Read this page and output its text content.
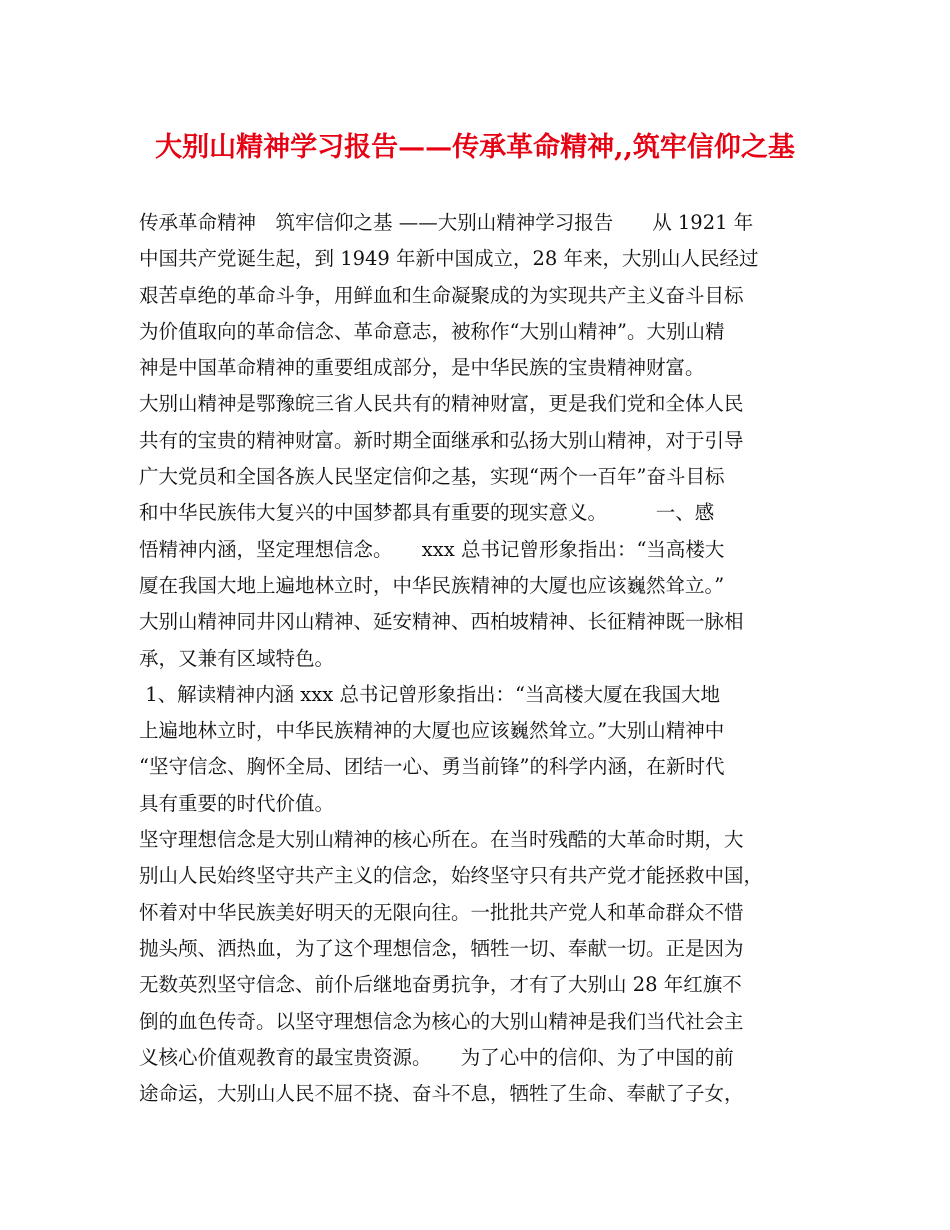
大别山精神学习报告——传承革命精神,,筑牢信仰之基
传承革命精神　筑牢信仰之基 ——大别山精神学习报告　　从 1921 年
中国共产党诞生起，到 1949 年新中国成立，28 年来，大别山人民经过
艰苦卓绝的革命斗争，用鲜血和生命凝聚成的为实现共产主义奋斗目标
为价值取向的革命信念、革命意志，被称作“大别山精神”。大别山精
神是中国革命精神的重要组成部分，是中华民族的宝贵精神财富。
大别山精神是鄂豫皖三省人民共有的精神财富，更是我们党和全体人民
共有的宝贵的精神财富。新时期全面继承和弘扬大别山精神，对于引导
广大党员和全国各族人民坚定信仰之基，实现“两个一百年”奋斗目标
和中华民族伟大复兴的中国梦都具有重要的现实意义。　　　一、感
悟精神内涵，坚定理想信念。　　xxx 总书记曾形象指出：“当高楼大
厦在我国大地上遍地林立时，中华民族精神的大厦也应该巍然耸立。”
大别山精神同井冈山精神、延安精神、西柏坡精神、长征精神既一脉相
承，又兼有区域特色。
1、解读精神内涵 xxx 总书记曾形象指出：“当高楼大厦在我国大地
上遍地林立时，中华民族精神的大厦也应该巍然耸立。”大别山精神中
“坚守信念、胸怀全局、团结一心、勇当前锋”的科学内涵，在新时代
具有重要的时代价值。
坚守理想信念是大别山精神的核心所在。在当时残酷的大革命时期，大
别山人民始终坚守共产主义的信念，始终坚守只有共产党才能拯救中国，
怀着对中华民族美好明天的无限向往。一批批共产党人和革命群众不惜
抛头颅、洒热血，为了这个理想信念，牺牲一切、奉献一切。正是因为
无数英烈坚守信念、前仆后继地奋勇抗争，才有了大别山 28 年红旗不
倒的血色传奇。以坚守理想信念为核心的大别山精神是我们当代社会主
义核心价值观教育的最宝贵资源。　　为了心中的信仰、为了中国的前
途命运，大别山人民不屈不挠、奋斗不息，牺牲了生命、奉献了子女，
